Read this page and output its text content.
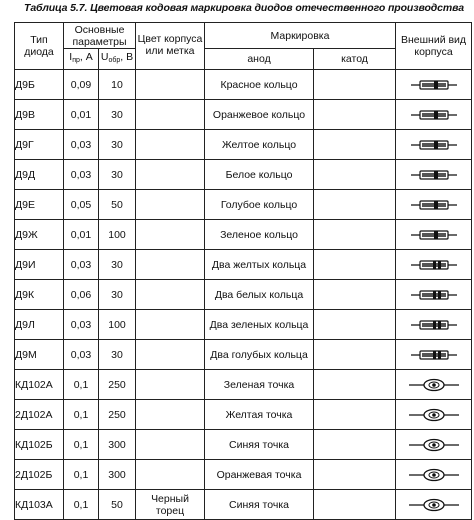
Таблица 5.7. Цветовая кодовая маркировка диодов отечественного производства
Тип диода	Основные параметры		Цвет корпуса или метка	Маркировка		Внешний вид корпуса
	$I_{пр}$, А	$U_{обр}$, В		анод	катод	
Д9Б	0,09	10		Красное кольцо		

Д9В	0,01	30		Оранжевое кольцо		

Д9Г	0,03	30		Желтое кольцо		

Д9Д	0,03	30		Белое кольцо		

Д9Е	0,05	50		Голубое кольцо		

Д9Ж	0,01	100		Зеленое кольцо		

Д9И	0,03	30		Два желтых кольца		

Д9К	0,06	30		Два белых кольца		

Д9Л	0,03	100		Два зеленых кольца		

Д9М	0,03	30		Два голубых кольца		

КД102А	0,1	250		Зеленая точка		

2Д102А	0,1	250		Желтая точка		

КД102Б	0,1	300		Синяя точка		

2Д102Б	0,1	300		Оранжевая точка		

КД103А	0,1	50	Черный торец	Синяя точка		
